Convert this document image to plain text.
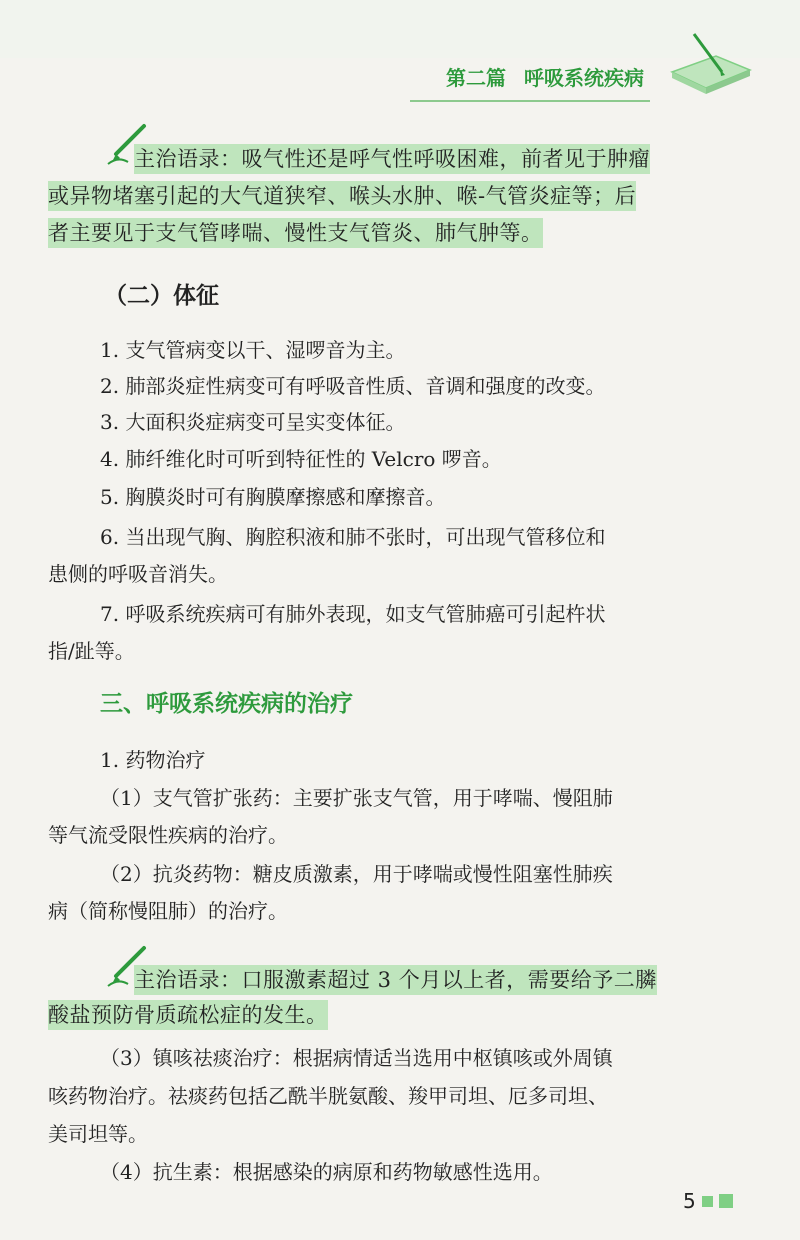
第二篇 呼吸系统疾病
主治语录：吸气性还是呼气性呼吸困难，前者见于肿瘤
或异物堵塞引起的大气道狭窄、喉头水肿、喉-气管炎症等；后
者主要见于支气管哮喘、慢性支气管炎、肺气肿等。
（二）体征
1. 支气管病变以干、湿啰音为主。
2. 肺部炎症性病变可有呼吸音性质、音调和强度的改变。
3. 大面积炎症病变可呈实变体征。
4. 肺纤维化时可听到特征性的 Velcro 啰音。
5. 胸膜炎时可有胸膜摩擦感和摩擦音。
6. 当出现气胸、胸腔积液和肺不张时，可出现气管移位和
患侧的呼吸音消失。
7. 呼吸系统疾病可有肺外表现，如支气管肺癌可引起杵状
指/趾等。
三、呼吸系统疾病的治疗
1. 药物治疗
（1）支气管扩张药：主要扩张支气管，用于哮喘、慢阻肺
等气流受限性疾病的治疗。
（2）抗炎药物：糖皮质激素，用于哮喘或慢性阻塞性肺疾
病（简称慢阻肺）的治疗。
主治语录：口服激素超过 3 个月以上者，需要给予二膦
酸盐预防骨质疏松症的发生。
（3）镇咳祛痰治疗：根据病情适当选用中枢镇咳或外周镇
咳药物治疗。祛痰药包括乙酰半胱氨酸、羧甲司坦、厄多司坦、
美司坦等。
（4）抗生素：根据感染的病原和药物敏感性选用。
5
